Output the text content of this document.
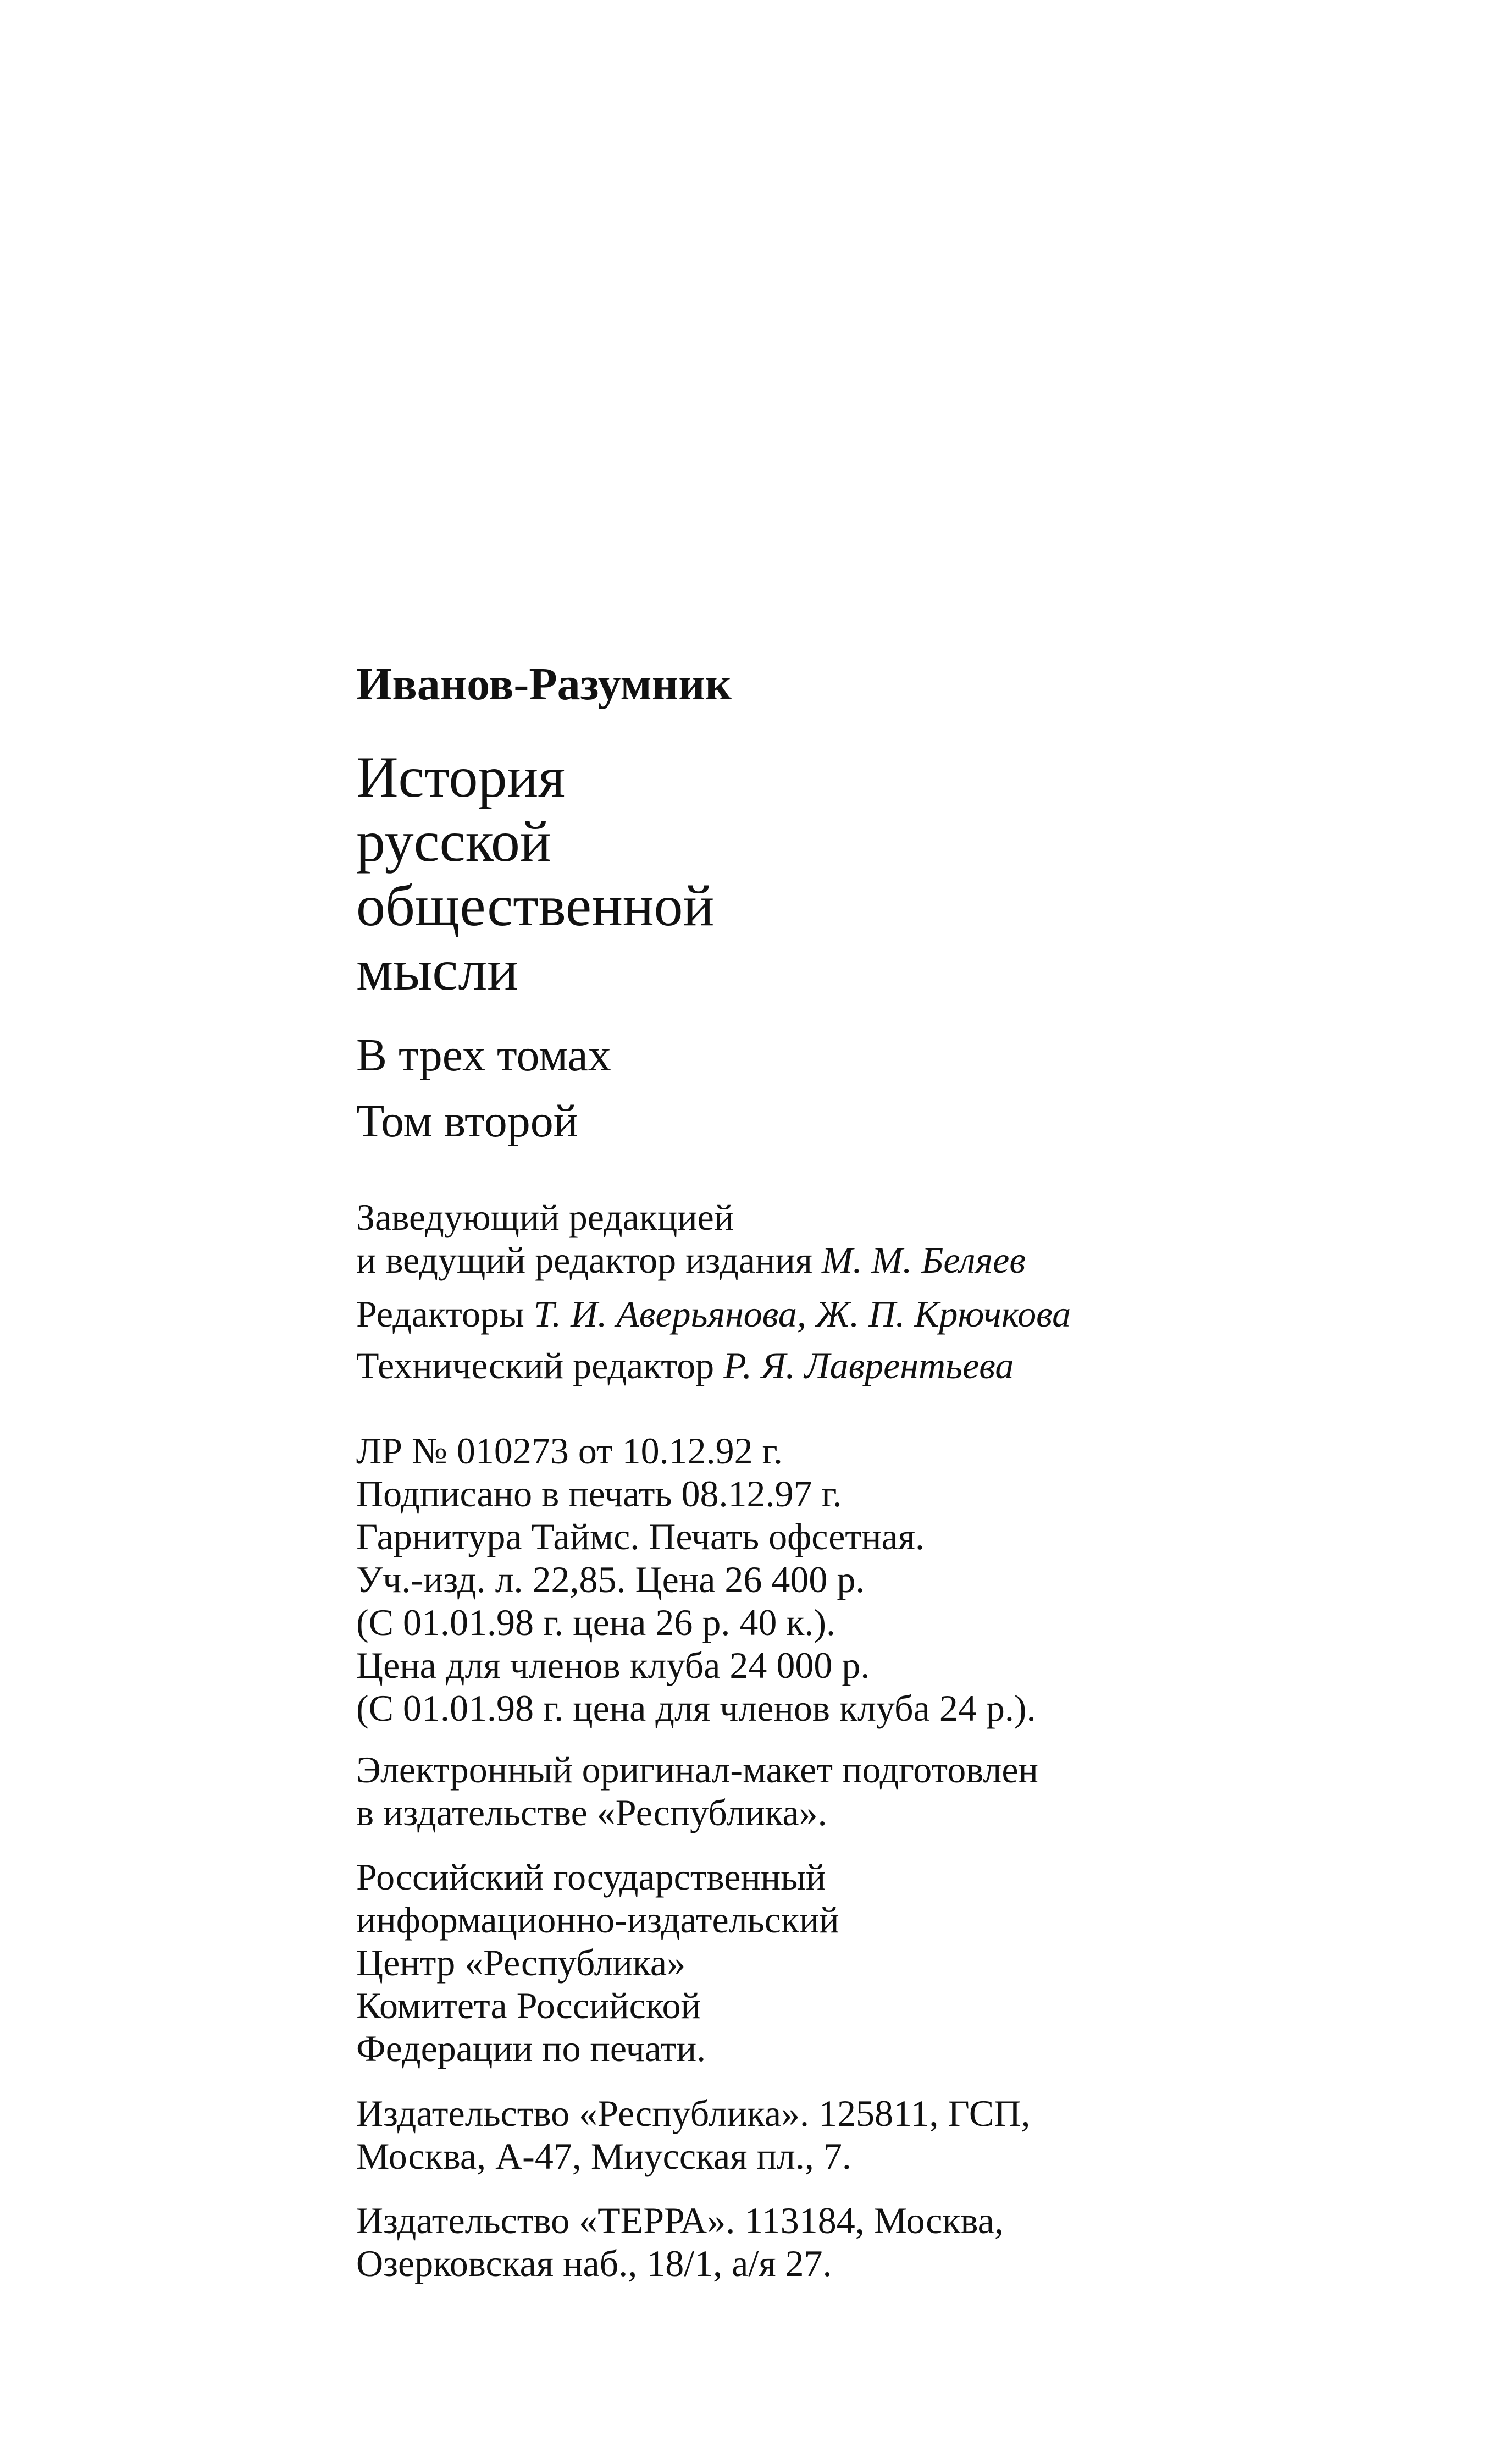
Иванов-Разумник
История
русской
общественной
мысли
В трех томах
Том второй
Заведующий редакцией
и ведущий редактор издания М. М. Беляев
Редакторы Т. И. Аверьянова, Ж. П. Крючкова
Технический редактор Р. Я. Лаврентьева
ЛР № 010273 от 10.12.92 г.
Подписано в печать 08.12.97 г.
Гарнитура Таймс. Печать офсетная.
Уч.-изд. л. 22,85. Цена 26 400 р.
(С 01.01.98 г. цена 26 р. 40 к.).
Цена для членов клуба 24 000 р.
(С 01.01.98 г. цена для членов клуба 24 р.).
Электронный оригинал-макет подготовлен
в издательстве «Республика».
Российский государственный
информационно-издательский
Центр «Республика»
Комитета Российской
Федерации по печати.
Издательство «Республика». 125811, ГСП,
Москва, А-47, Миусская пл., 7.
Издательство «ТЕРРА». 113184, Москва,
Озерковская наб., 18/1, а/я 27.
